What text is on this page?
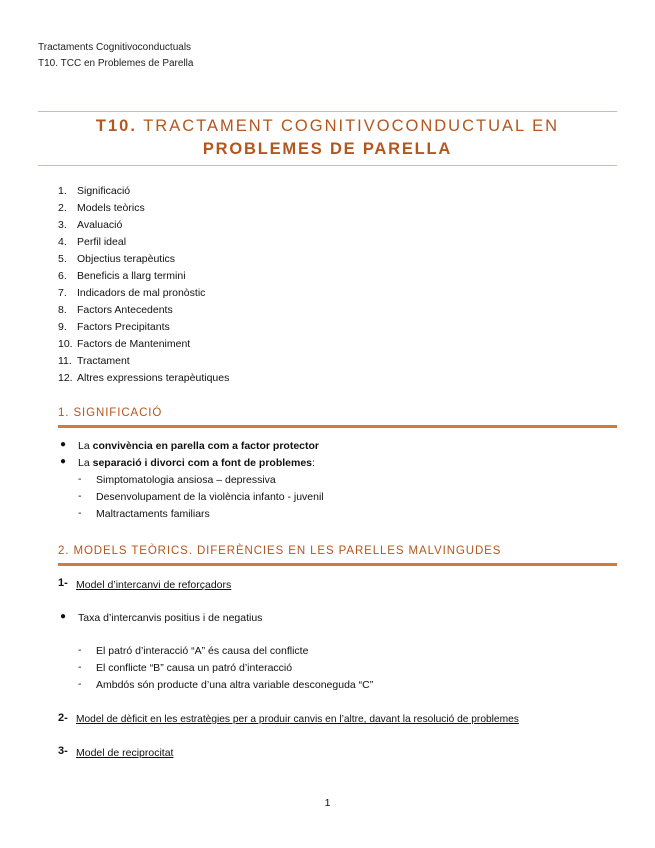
Tractaments Cognitivoconductuals
T10. TCC en Problemes de Parella
T10. TRACTAMENT COGNITIVOCONDUCTUAL EN
PROBLEMES DE PARELLA
1. Significació
2. Models teòrics
3. Avaluació
4. Perfil ideal
5. Objectius terapèutics
6. Beneficis a llarg termini
7. Indicadors de mal pronòstic
8. Factors Antecedents
9. Factors Precipitants
10. Factors de Manteniment
11. Tractament
12. Altres expressions terapèutiques
1. SIGNIFICACIÓ
● La convivència en parella com a factor protector
● La separació i divorci com a font de problemes:
- Simptomatologia ansiosa – depressiva
- Desenvolupament de la violència infanto - juvenil
- Maltractaments familiars
2. MODELS TEÒRICS. DIFERÈNCIES EN LES PARELLES MALVINGUDES
1- Model d’intercanvi de reforçadors
● Taxa d’intercanvis positius i de negatius
- El patró d’interacció “A” és causa del conflicte
- El conflicte “B” causa un patró d’interacció
- Ambdós són producte d’una altra variable desconeguda “C”
2- Model de dèficit en les estratègies per a produir canvis en l’altre, davant la resolució de problemes
3- Model de reciprocitat
1
